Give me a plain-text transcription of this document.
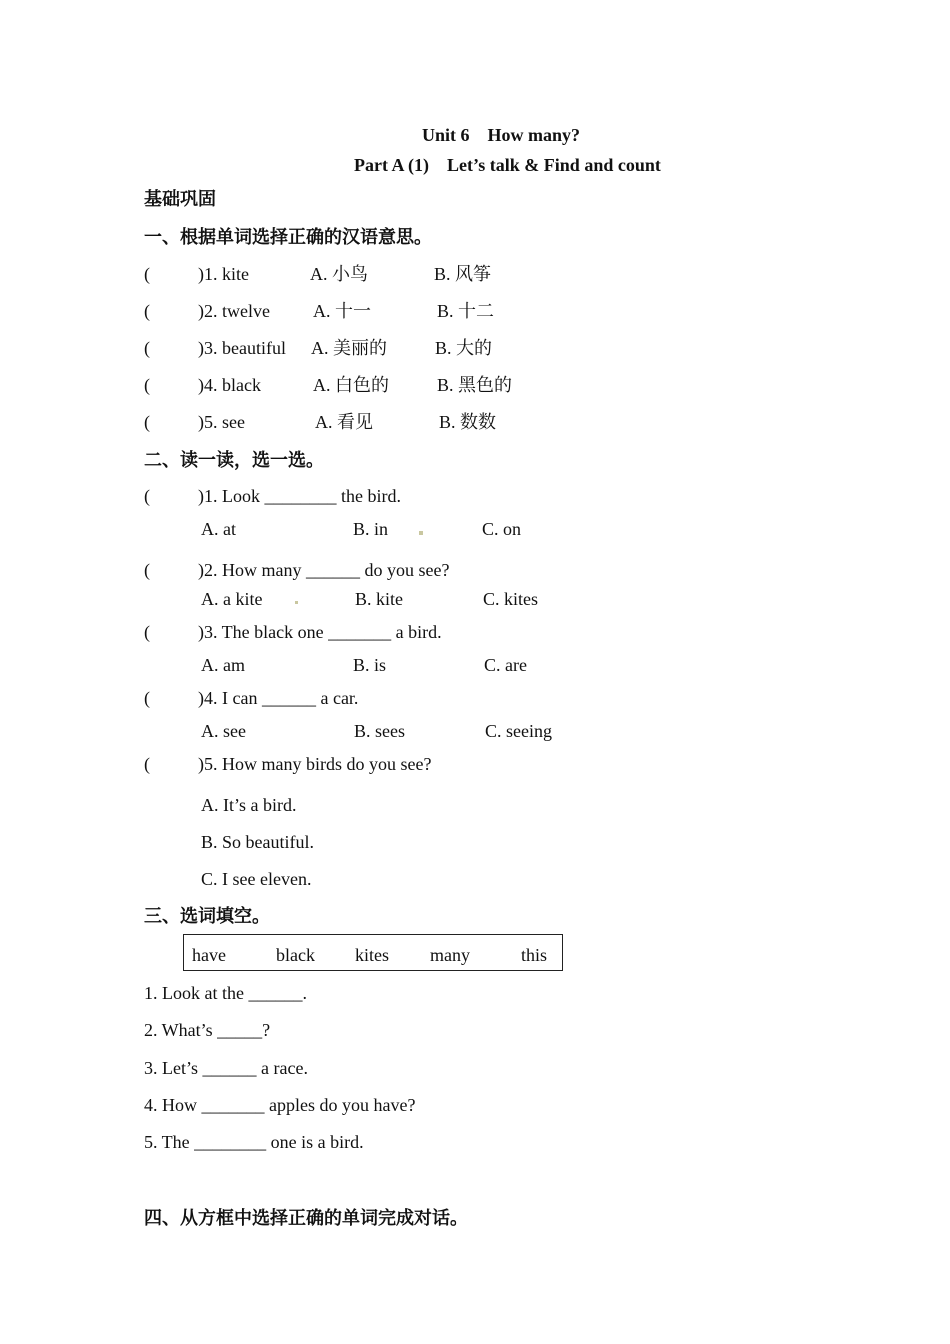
Unit 6　How many?
Part A (1)　Let’s talk & Find and count
基础巩固
一、根据单词选择正确的汉语意思。
(	)1. kite	A. 小鸟	B. 风筝
(	)2. twelve A. 十一	B. 十二
(	)3. beautiful A. 美丽的	B. 大的
(	)4. black	A. 白色的	B. 黑色的
(	)5. see	A. 看见	B. 数数
二、读一读，选一选。
(	)1. Look ________ the bird.
A. at	B. in	C. on
(	)2. How many ______ do you see?
A. a kite	B. kite	C. kites
(	)3. The black one _______ a bird.
A. am	B. is	C. are
(	)4. I can ______ a car.
A. see	B. sees	C. seeing
(	)5. How many birds do you see?
A. It’s a bird.
B. So beautiful.
C. I see eleven.
三、选词填空。
have	black kites many	this
1. Look at the ______.
2. What’s _____?
3. Let’s ______ a race.
4. How _______ apples do you have?
5. The ________ one is a bird.
四、从方框中选择正确的单词完成对话。
